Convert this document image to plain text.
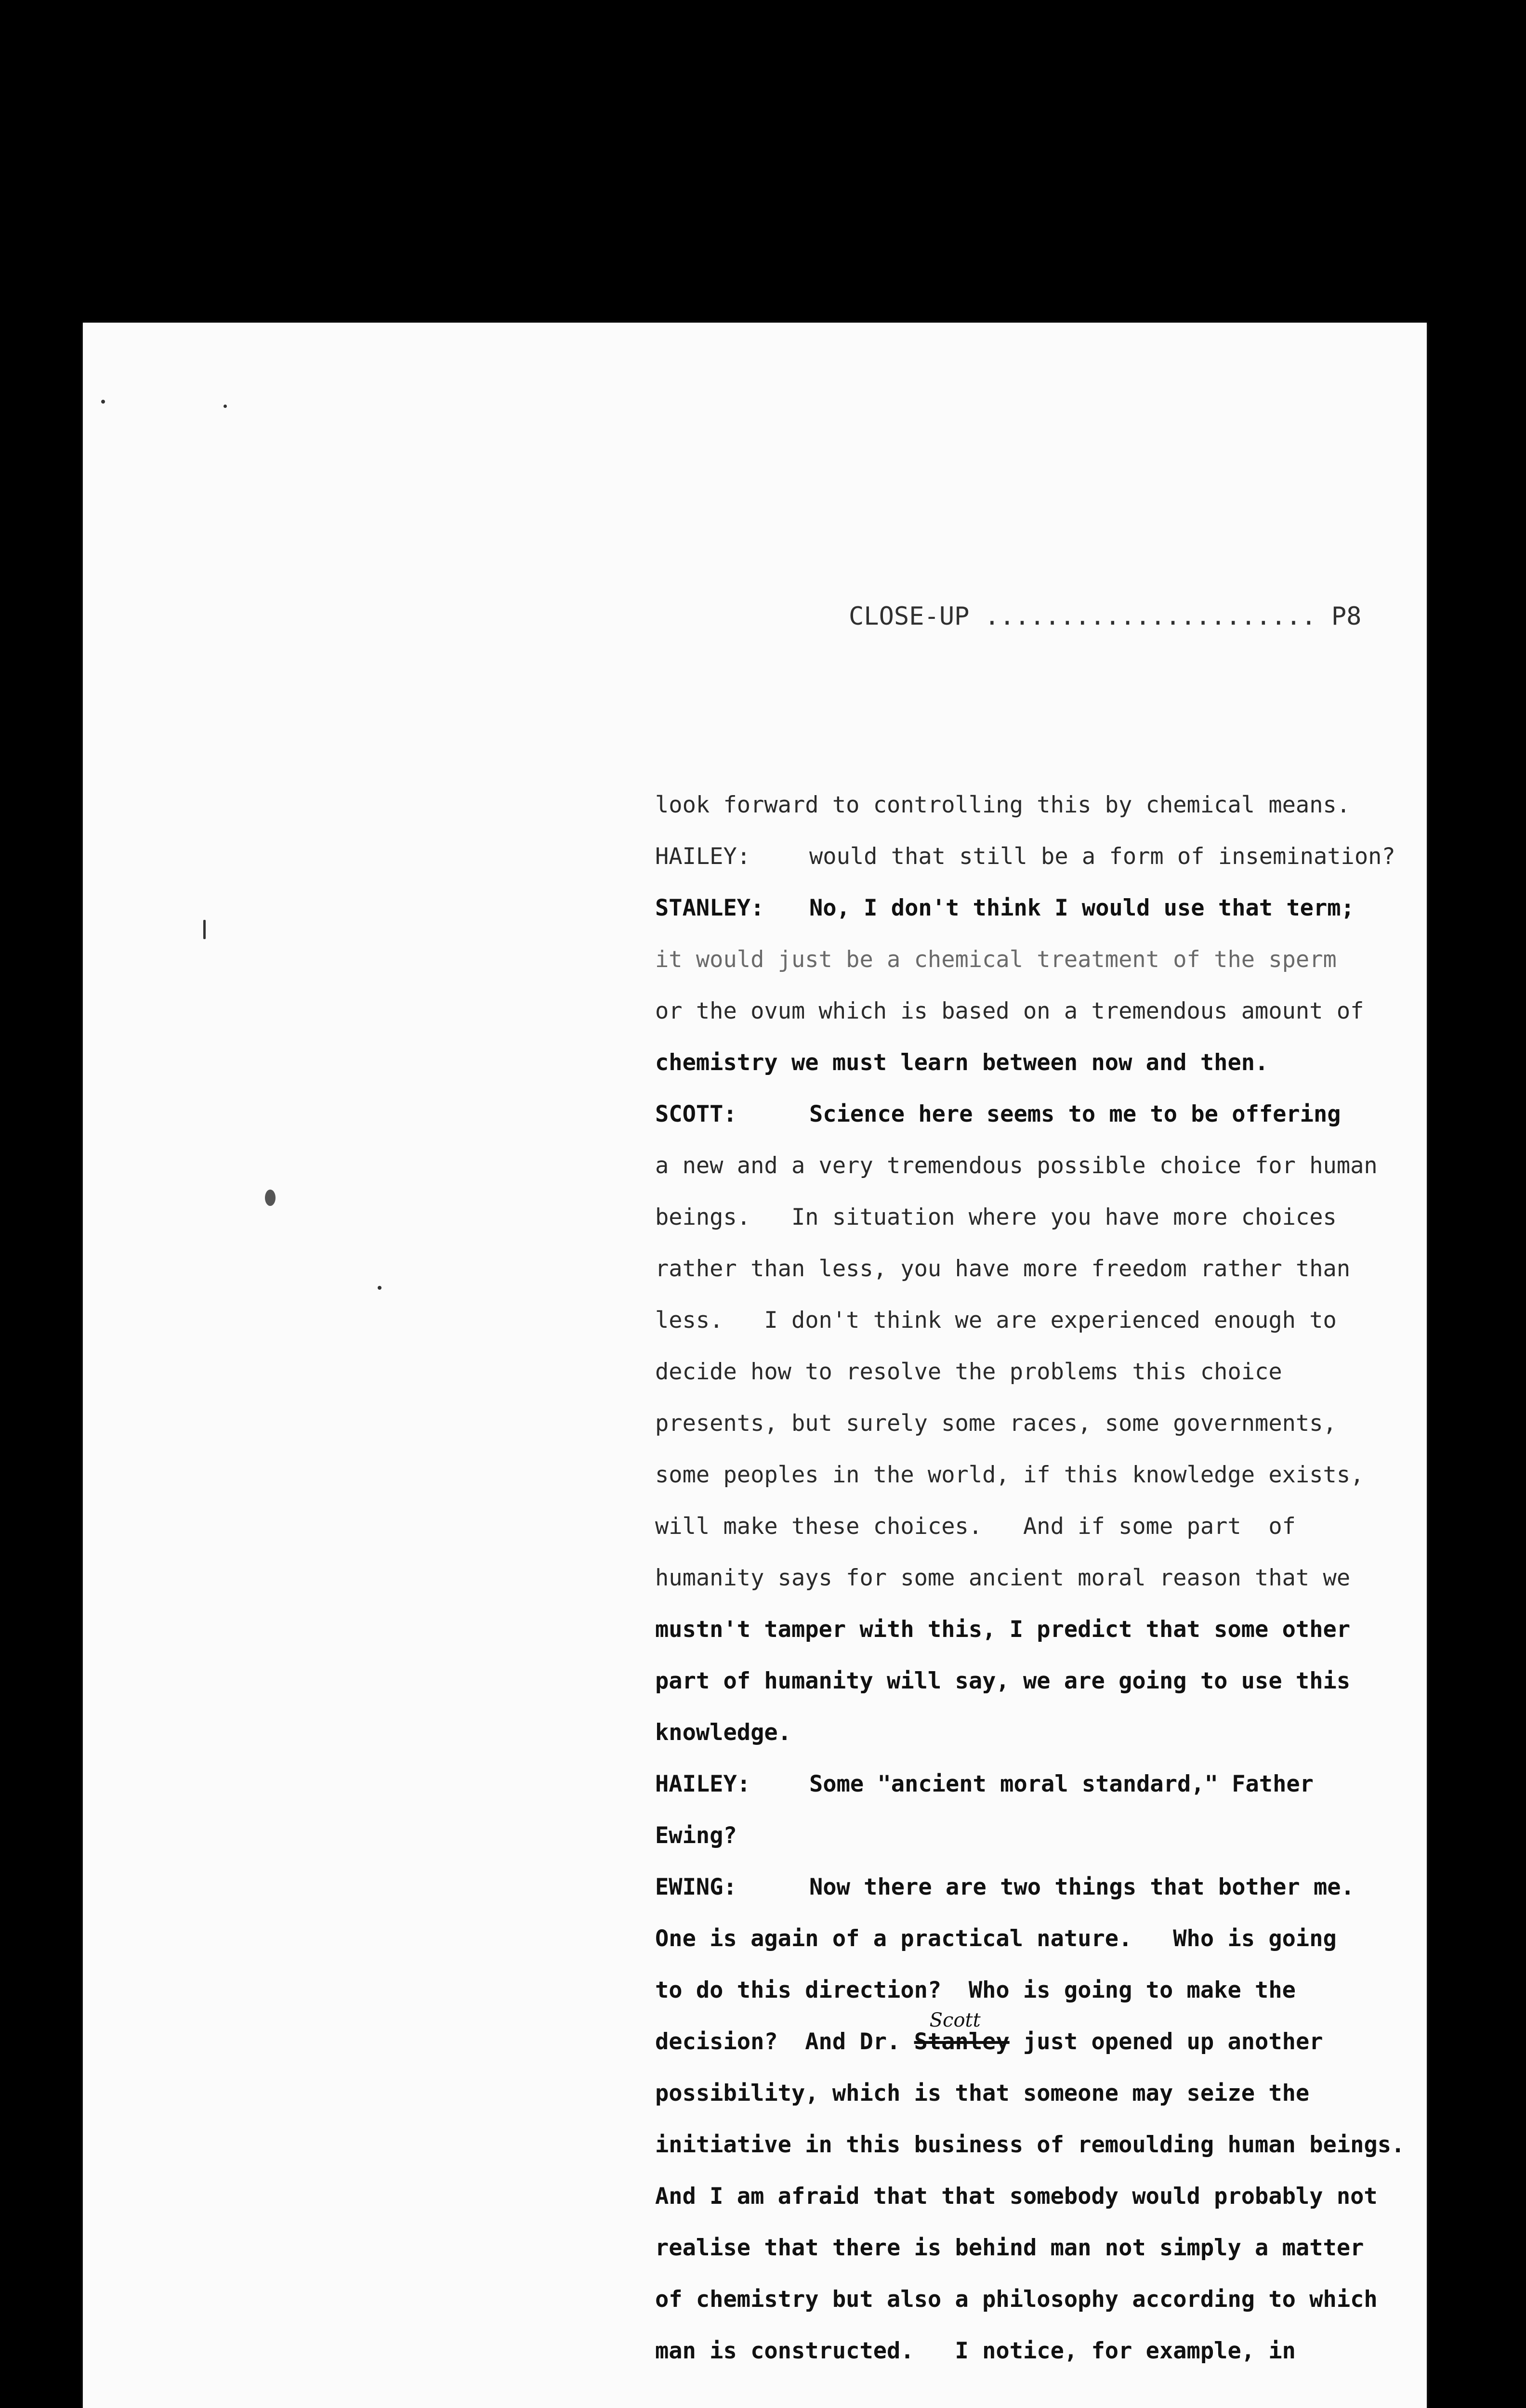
CLOSE-UP ...................... P8
look forward to controlling this by chemical means.
HAILEY:	would that still be a form of insemination?
STANLEY: No, I don't think I would use that term;
it would just be a chemical treatment of the sperm
or the ovum which is based on a tremendous amount of
chemistry we must learn between now and then.
SCOTT:	Science here seems to me to be offering
a new and a very tremendous possible choice for human
beings.   In situation where you have more choices
rather than less, you have more freedom rather than
less.   I don't think we are experienced enough to
decide how to resolve the problems this choice
presents, but surely some races, some governments,
some peoples in the world, if this knowledge exists,
will make these choices.   And if some part  of
humanity says for some ancient moral reason that we
mustn't tamper with this, I predict that some other
part of humanity will say, we are going to use this
knowledge.
HAILEY:	Some "ancient moral standard," Father
Ewing?
EWING:	Now there are two things that bother me.
One is again of a practical nature.   Who is going
to do this direction?  Who is going to make the
decision?  And Dr. Stanley
Scott
just opened up another
possibility, which is that someone may seize the
initiative in this business of remoulding human beings.
And I am afraid that that somebody would probably not
realise that there is behind man not simply a matter
of chemistry but also a philosophy according to which
man is constructed.   I notice, for example, in
